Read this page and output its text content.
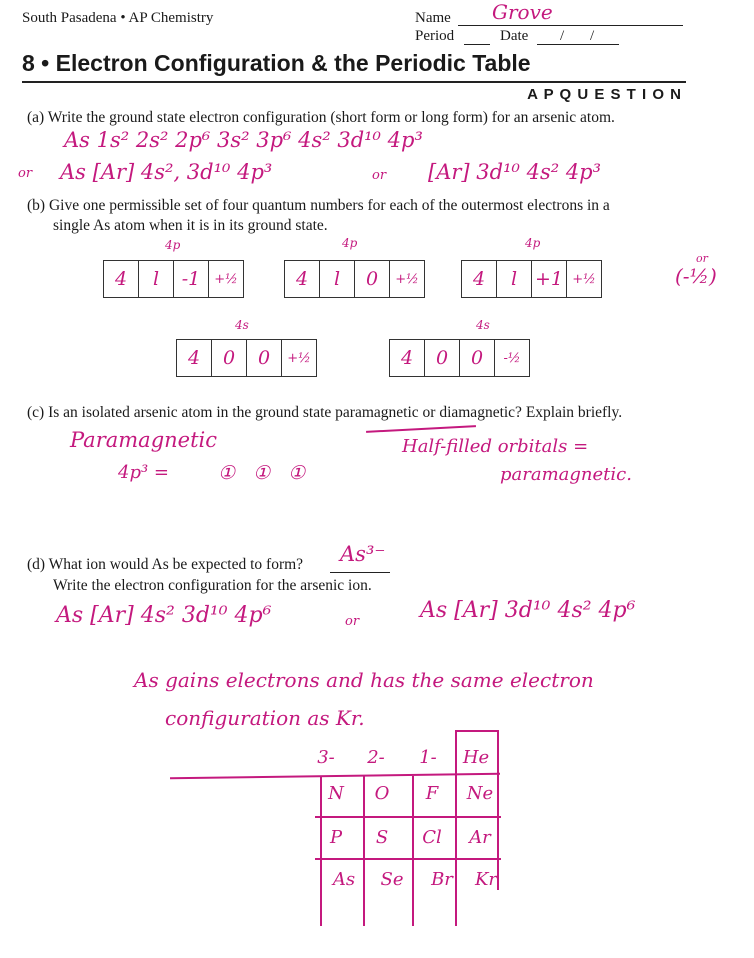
South Pasadena • AP Chemistry	Name Grove
Period	Date / /
8 • Electron Configuration & the Periodic Table
A P Q U E S T I O N
(a) Write the ground state electron configuration (short form or long form) for an arsenic atom.
As 1s² 2s² 2p⁶ 3s² 3p⁶ 4s² 3d¹⁰ 4p³
or As [Ar] 4s², 3d¹⁰ 4p³	or [Ar] 3d¹⁰ 4s² 4p³
(b) Give one permissible set of four quantum numbers for each of the outermost electrons in a
single As atom when it is in its ground state.
4p
4	l	-1	+½
4p
4	l	0	+½
4p
4	l +1 +½
or
(-½)
4s
4	0	0	+½
4s
4	0	0	-½
(c) Is an isolated arsenic atom in the ground state paramagnetic or diamagnetic? Explain briefly.
Paramagnetic
4p³ =	① ① ①
Half-filled orbitals =
paramagnetic.
(d) What ion would As be expected to form? As³⁻
Write the electron configuration for the arsenic ion.
As [Ar] 4s² 3d¹⁰ 4p⁶	or	As [Ar] 3d¹⁰ 4s² 4p⁶
As gains electrons and has the same electron
configuration as Kr.
3-	2-	1-	He
N	O	F	Ne
P	S	Cl	Ar
As	Se	Br	Kr
